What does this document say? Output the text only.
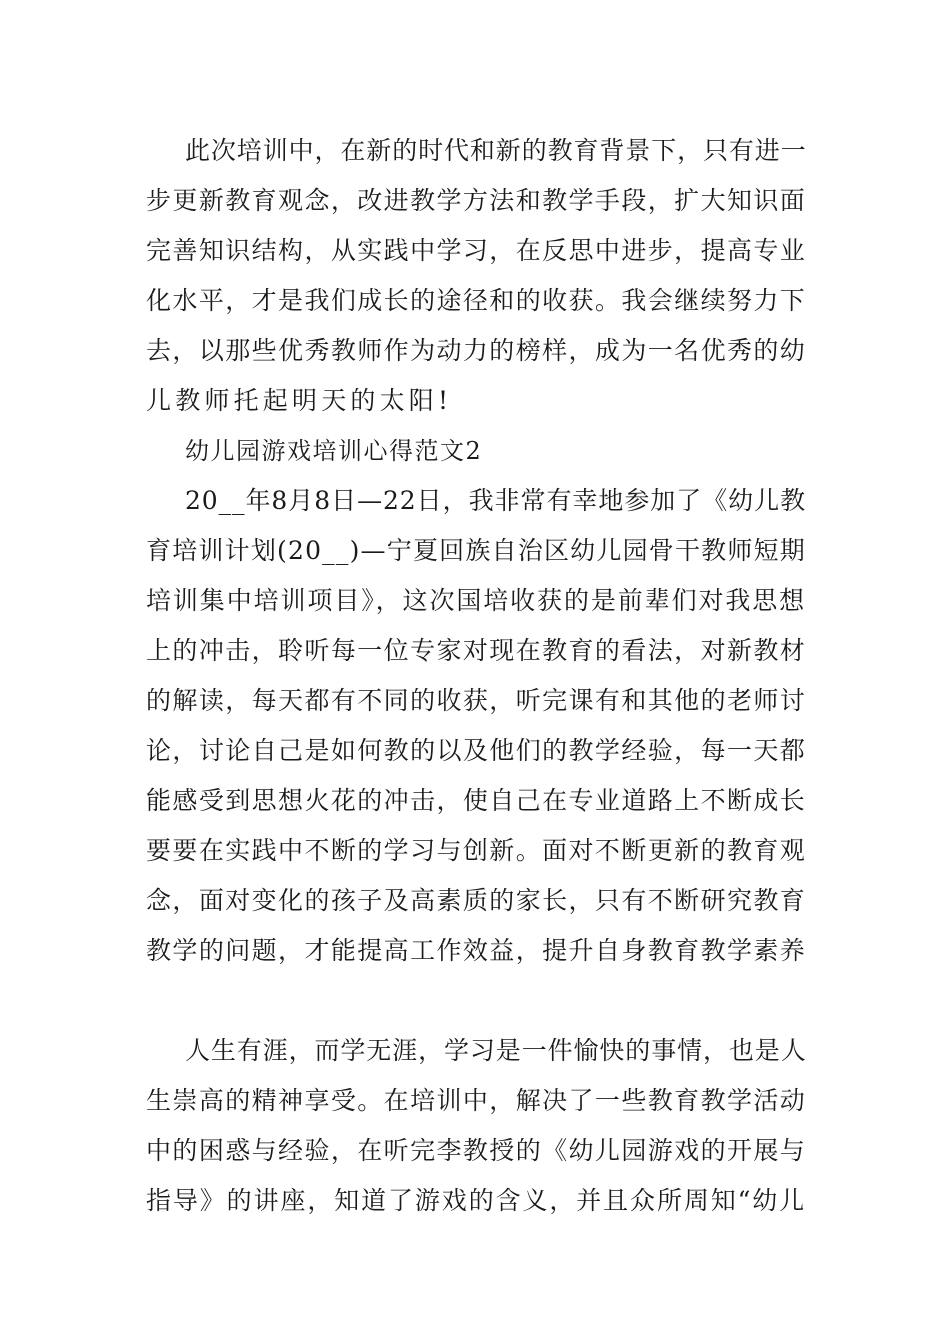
此次培训中，在新的时代和新的教育背景下，只有进一
步更新教育观念，改进教学方法和教学手段，扩大知识面
完善知识结构，从实践中学习，在反思中进步，提高专业
化水平，才是我们成长的途径和的收获。我会继续努力下
去，以那些优秀教师作为动力的榜样，成为一名优秀的幼
儿教师托起明天的太阳!
幼儿园游戏培训心得范文2
20__年8月8日—22日，我非常有幸地参加了《幼儿教
育培训计划(20__)—宁夏回族自治区幼儿园骨干教师短期
培训集中培训项目》，这次国培收获的是前辈们对我思想
上的冲击，聆听每一位专家对现在教育的看法，对新教材
的解读，每天都有不同的收获，听完课有和其他的老师讨
论，讨论自己是如何教的以及他们的教学经验，每一天都
能感受到思想火花的冲击，使自己在专业道路上不断成长
要要在实践中不断的学习与创新。面对不断更新的教育观
念，面对变化的孩子及高素质的家长，只有不断研究教育
教学的问题，才能提高工作效益，提升自身教育教学素养
人生有涯，而学无涯，学习是一件愉快的事情，也是人
生崇高的精神享受。在培训中，解决了一些教育教学活动
中的困惑与经验，在听完李教授的《幼儿园游戏的开展与
指导》的讲座，知道了游戏的含义，并且众所周知“幼儿
